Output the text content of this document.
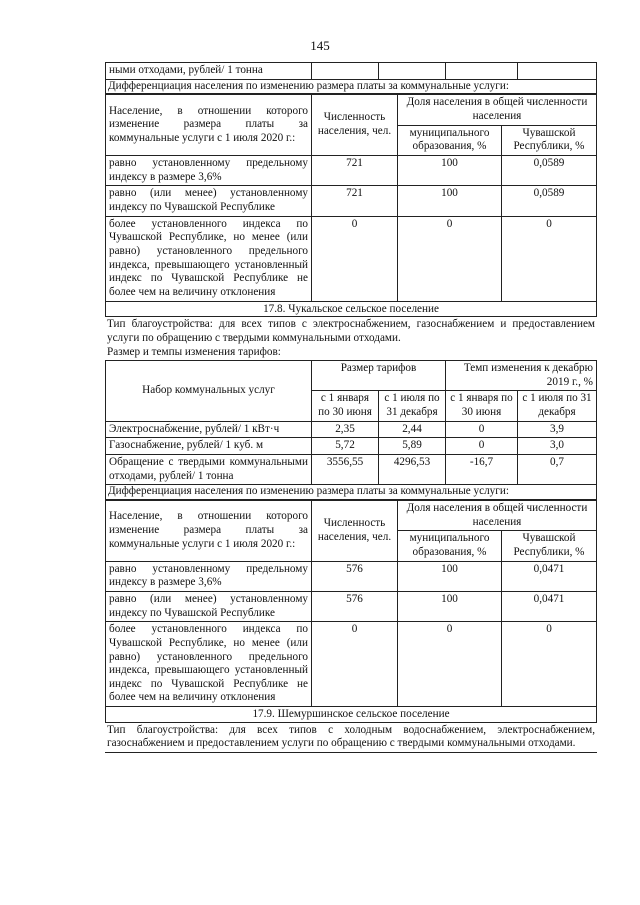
145
ными отходами, рублей/ 1 тонна				
Дифференциация населения по изменению размера платы за коммунальные услуги:
Население, в отношении которого изменение размера платы за коммунальные услуги с 1 июля 2020 г.:	Численность населения, чел.	Доля населения в общей численности населения	
		муниципального образования, %	Чувашской Республики, %
равно установленному предельному индексу в размере 3,6%	721	100	0,0589
равно (или менее) установленному индексу по Чувашской Республике	721	100	0,0589
более установленного индекса по Чувашской Республике, но менее (или равно) установленного предельного индекса, превышающего установленный индекс по Чувашской Республике не более чем на величину отклонения	0	0	0
17.8. Чукальское сельское поселение
Тип благоустройства: для всех типов с электроснабжением, газоснабжением и предоставлением услуги по обращению с твердыми коммунальными отходами.
Размер и темпы изменения тарифов:
Набор коммунальных услуг	Размер тарифов		Темп изменения к декабрю 2019 г., %	
	с 1 января по 30 июня	с 1 июля по 31 декабря	с 1 января по 30 июня	с 1 июля по 31 декабря
Электроснабжение, рублей/ 1 кВт·ч	2,35	2,44	0	3,9
Газоснабжение, рублей/ 1 куб. м	5,72	5,89	0	3,0
Обращение с твердыми коммунальными отходами, рублей/ 1 тонна	3556,55	4296,53	-16,7	0,7
Дифференциация населения по изменению размера платы за коммунальные услуги:
Население, в отношении которого изменение размера платы за коммунальные услуги с 1 июля 2020 г.:	Численность населения, чел.	Доля населения в общей численности населения	
		муниципального образования, %	Чувашской Республики, %
равно установленному предельному индексу в размере 3,6%	576	100	0,0471
равно (или менее) установленному индексу по Чувашской Республике	576	100	0,0471
более установленного индекса по Чувашской Республике, но менее (или равно) установленного предельного индекса, превышающего установленный индекс по Чувашской Республике не более чем на величину отклонения	0	0	0
17.9. Шемуршинское сельское поселение
Тип благоустройства: для всех типов с холодным водоснабжением, электроснабжением, газоснабжением и предоставлением услуги по обращению с твердыми коммунальными отходами.
